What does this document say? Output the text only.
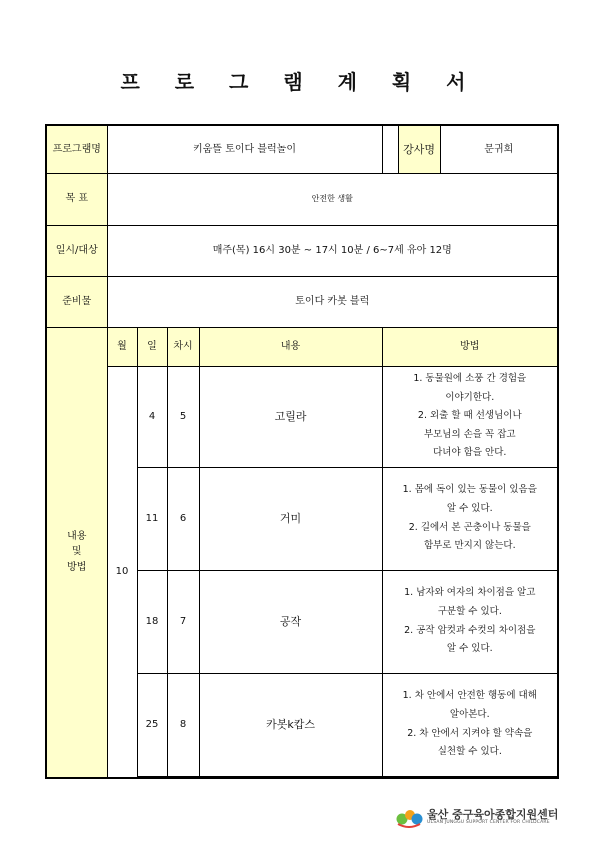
프 로 그 램 계 획 서
프로그램명	키움뜰 토이다 블럭놀이					강사명	문귀희
목 표	안전한 생활						
일시/대상	매주(목) 16시 30분 ~ 17시 10분 / 6~7세 유아 12명						
준비물	토이다 카봇 블럭						

내용
및
방법	월	일	차시	내용	방법		
	10	4	5	고릴라	1. 동물원에 소풍 간 경험을
이야기한다.
2. 외출 할 때 선생님이나
부모님의 손을 꼭 잡고
다녀야 함을 안다.		

		11	6	거미	1. 몸에 독이 있는 동물이 있음을
알 수 있다.
2. 길에서 본 곤충이나 동물을
함부로 만지지 않는다.		

		18	7	공작	1. 남자와 여자의 차이점을 알고
구분할 수 있다.
2. 공작 암컷과 수컷의 차이점을
알 수 있다.		

		25	8	카봇k캅스	1. 차 안에서 안전한 행동에 대해
알아본다.
2. 차 안에서 지켜야 할 약속을
실천할 수 있다.		

울산 중구육아종합지원센터
ULSAN JUNGGU SUPPORT CENTER FOR CHILDCARE
